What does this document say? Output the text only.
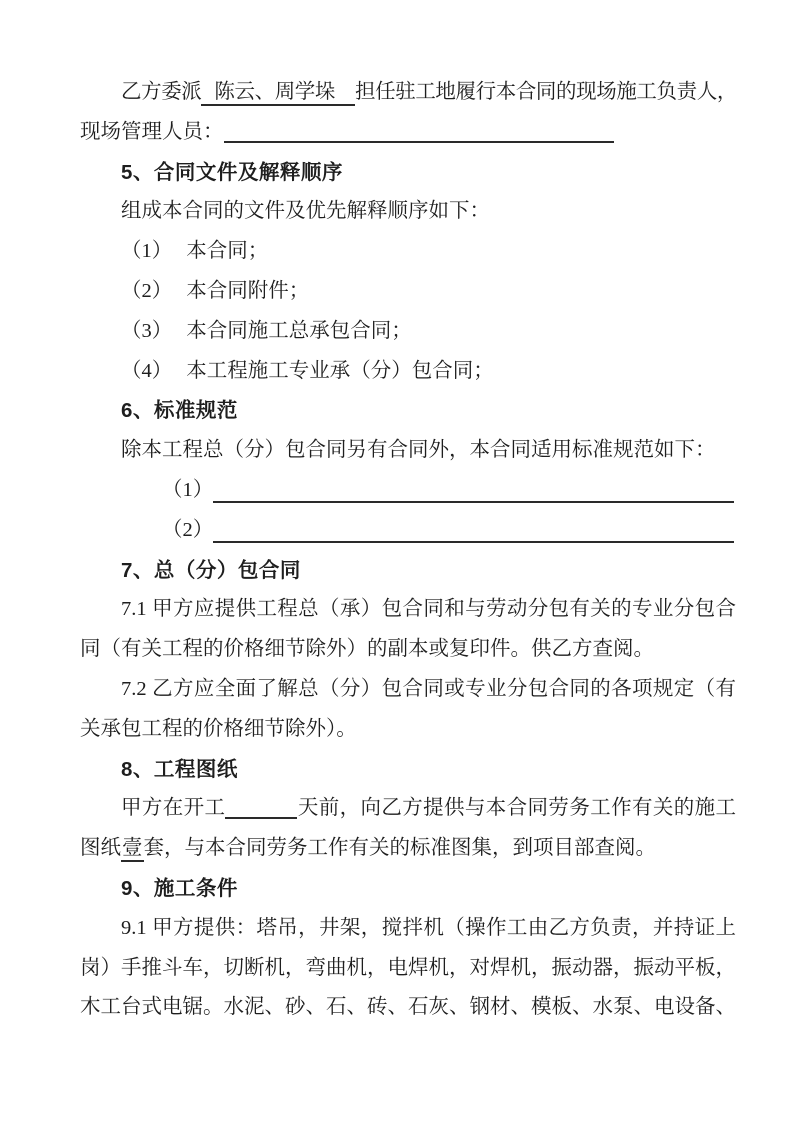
乙方委派 陈云、周学垛 担任驻工地履行本合同的现场施工负责人，
现场管理人员：
5、合同文件及解释顺序
组成本合同的文件及优先解释顺序如下：
（1） 本合同；
（2） 本合同附件；
（3） 本合同施工总承包合同；
（4） 本工程施工专业承（分）包合同；
6、标准规范
除本工程总（分）包合同另有合同外，本合同适用标准规范如下：
（1）
（2）
7、总（分）包合同
7.1 甲方应提供工程总（承）包合同和与劳动分包有关的专业分包合同（有关工程的价格细节除外）的副本或复印件。供乙方查阅。
7.2 乙方应全面了解总（分）包合同或专业分包合同的各项规定（有关承包工程的价格细节除外）。
8、工程图纸
甲方在开工	天前，向乙方提供与本合同劳务工作有关的施工图纸壹套，与本合同劳务工作有关的标准图集，到项目部查阅。
9、施工条件
9.1 甲方提供：塔吊，井架，搅拌机（操作工由乙方负责，并持证上岗）手推斗车，切断机，弯曲机，电焊机，对焊机，振动器，振动平板，木工台式电锯。水泥、砂、石、砖、石灰、钢材、模板、水泵、电设备、
